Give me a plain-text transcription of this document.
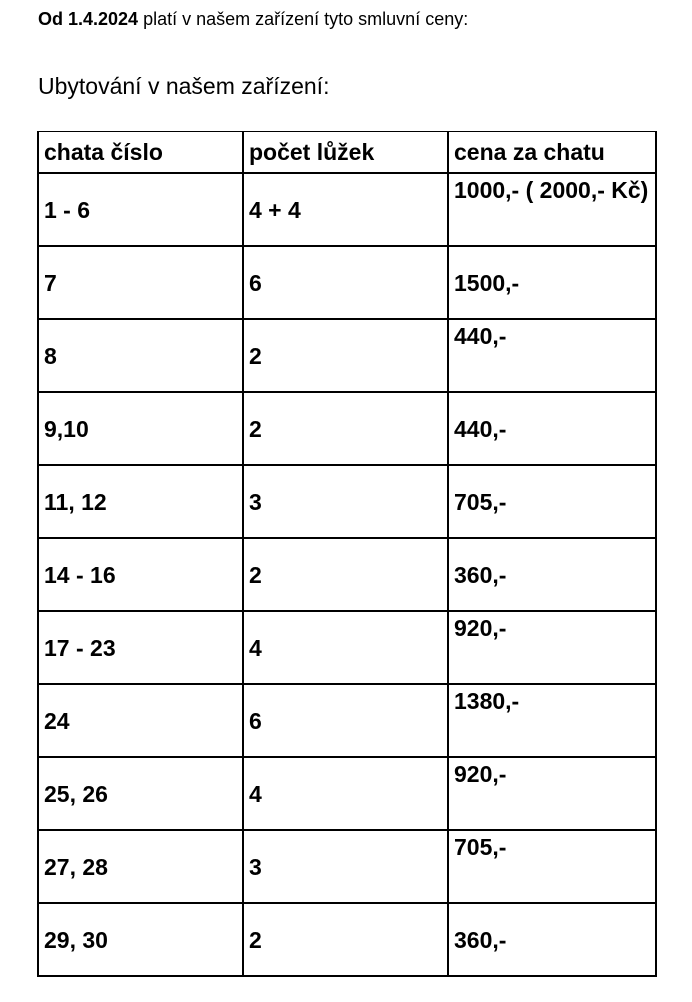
Od 1.4.2024 platí v našem zařízení tyto smluvní ceny:
Ubytování v našem zařízení:
chata číslo	počet lůžek	cena za chatu
1 - 6	4 + 4	1000,- ( 2000,- Kč)

7	6	1500,-

8	2	440,-

9,10	2	440,-

11, 12	3	705,-

14 - 16	2	360,-

17 - 23	4	920,-

24	6	1380,-

25, 26	4	920,-

27, 28	3	705,-

29, 30	2	360,-
